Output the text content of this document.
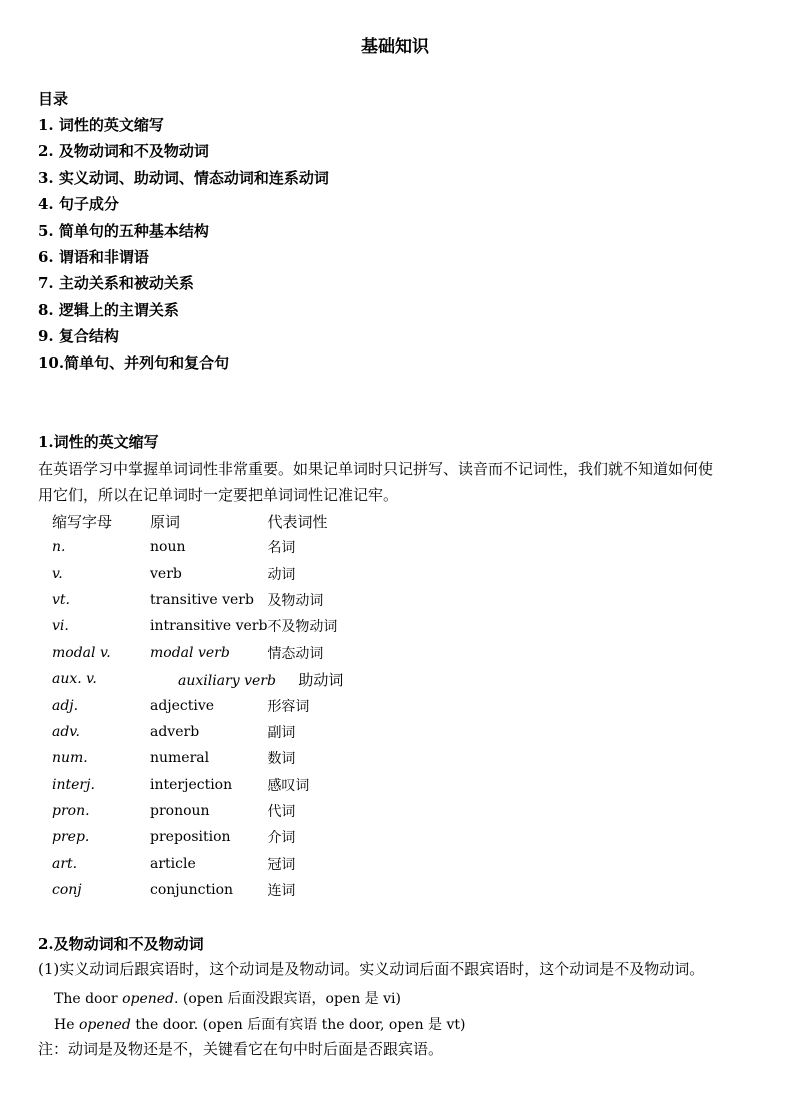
基础知识
目录
1. 词性的英文缩写
2. 及物动词和不及物动词
3. 实义动词、助动词、情态动词和连系动词
4. 句子成分
5. 简单句的五种基本结构
6. 谓语和非谓语
7. 主动关系和被动关系
8. 逻辑上的主谓关系
9. 复合结构
10.简单句、并列句和复合句
1.词性的英文缩写

在英语学习中掌握单词词性非常重要。如果记单词时只记拼写、读音而不记词性，我们就不知道如何使

用它们，所以在记单词时一定要把单词词性记准记牢。

缩写字母	原词	代表词性
n.	noun	名词
v.	verb	动词
vt.	transitive verb	及物动词
vi.	intransitive verb	不及物动词
modal v.	modal verb	情态动词
aux. v.	auxiliary verb 助动词	
adj.	adjective	形容词
adv.	adverb	副词
num.	numeral	数词
interj.	interjection	感叹词
pron.	pronoun	代词
prep.	preposition	介词
art.	article	冠词
conj	conjunction	连词
2.及物动词和不及物动词

(1)实义动词后跟宾语时，这个动词是及物动词。实义动词后面不跟宾语时，这个动词是不及物动词。

The door opened. (open 后面没跟宾语，open 是 vi)
He opened the door. (open 后面有宾语 the door, open 是 vt)
注：动词是及物还是不，关键看它在句中时后面是否跟宾语。
